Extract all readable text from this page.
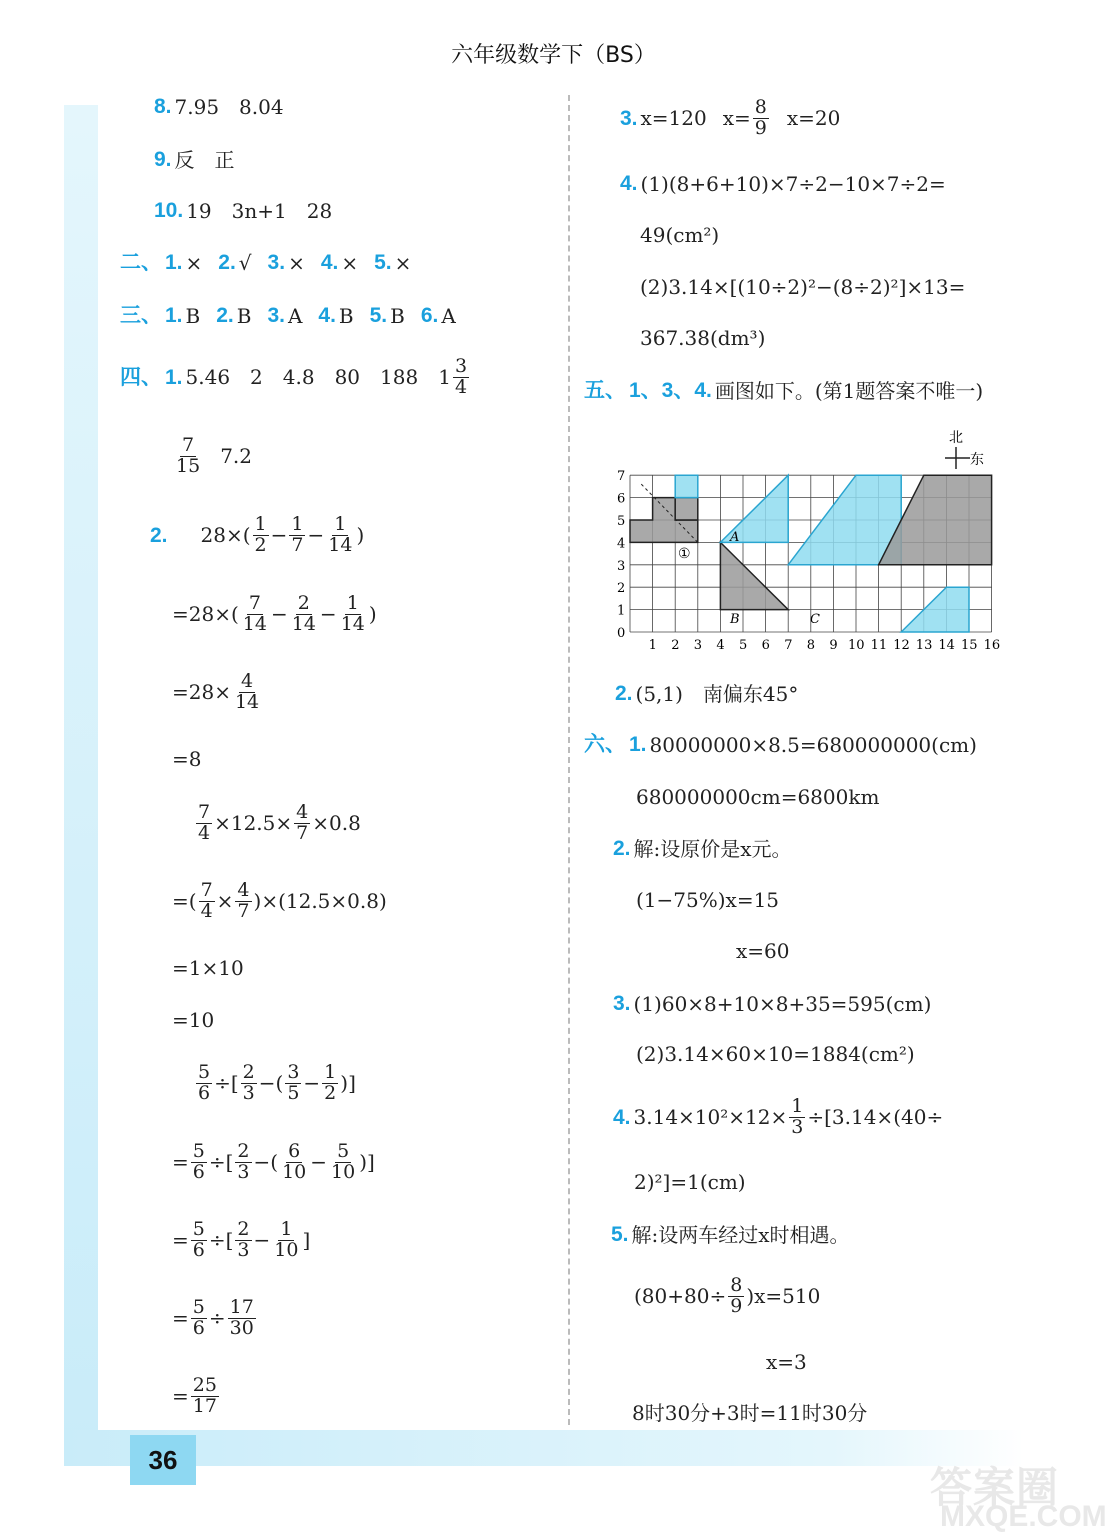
36
答案圈
MXQE.COM
六年级数学下（BS）
8. 7.95　8.04
9. 反　正
10. 19　3n+1　28
二、 1. × 2. √ 3. × 4. × 5. ×
三、 1. B 2. B 3. A 4. B 5. B 6. A
四、 1. 5.46　2　4.8　80　188　$1 \frac{3}{4}$
$\frac{7}{15} 7.2$
2. $28\times( \frac{1}{2} - \frac{1}{7} - \frac{1}{14}$ )
$=28\times( \frac{7}{14} - \frac{2}{14} - \frac{1}{14}$ )
$=28\times \frac{4}{14}$
=8
$\frac{7}{4} \times 12.5\times \frac{4}{7} \times 0.8$
=( $\frac{7}{4} \times \frac{4}{7} )\times(12.5\times 0.8)$
=1×10
=10
$\frac{5}{6}$ ÷[ $\frac{2}{3}$ −( $\frac{3}{5} - \frac{1}{2}$ )]
= $\frac{5}{6}$ ÷[ $\frac{2}{3}$ −( $\frac{6}{10} - \frac{5}{10}$ )]
= $\frac{5}{6}$ ÷[ $\frac{2}{3} - \frac{1}{10}$ ]
= $\frac{5}{6} \div \frac{17}{30}$
= $\frac{25}{17}$
3. x=120 $x= \frac{8}{9} x=20$
4. (1)(8+6+10)×7÷2−10×7÷2=
49(cm²)
(2)3.14×[(10÷2)²−(8÷2)²]×13=
367.38(dm³)
五、 1、3、4. 画图如下。(第1题答案不唯一)
0
1
2
3
4
5
6
7
1 2 3 4 5 6 7 8 9 10 11 12 13 14 15 16
北
东
A
B	C
①
2. (5,1)　南偏东45°
六、 1. 80000000×8.5=680000000(cm)
680000000cm=6800km
2. 解:设原价是x元。
(1−75%)x=15
x=60
3. (1)60×8+10×8+35=595(cm)
(2)3.14×60×10=1884(cm²)
4. $3.14\times 10^2\times 12\times \frac{1}{3} \div[3.14\times(40\div$
2)²]=1(cm)
5. 解:设两车经过x时相遇。
$(80+80\div \frac{8}{9} )x=510$
x=3
8时30分+3时=11时30分
